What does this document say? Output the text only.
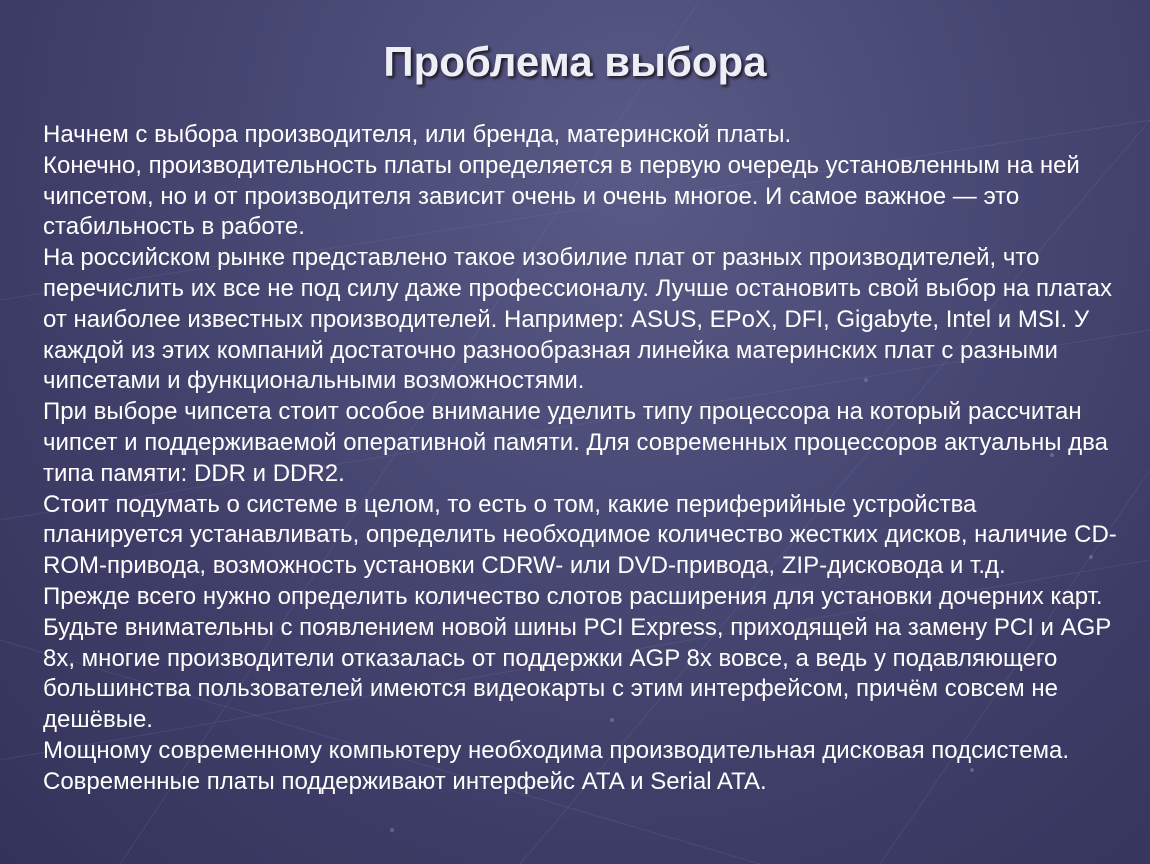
Проблема выбора

Начнем с выбора производителя, или бренда, материнской платы.

Конечно, производительность платы определяется в первую очередь установленным на ней чипсетом, но и от производителя зависит очень и очень многое. И самое важное — это стабильность в работе.

На российском рынке представлено такое изобилие плат от разных производителей, что перечислить их все не под силу даже профессионалу. Лучше остановить свой выбор на платах от наиболее известных производителей. Например: ASUS, EPoX, DFI, Gigabyte, Intel и MSI. У каждой из этих компаний достаточно разнообразная линейка материнских плат с разными чипсетами и функциональными возможностями.

При выборе чипсета стоит особое внимание уделить типу процессора на который рассчитан чипсет и поддерживаемой оперативной памяти. Для современных процессоров актуальны два типа памяти: DDR и DDR2.

Стоит подумать о системе в целом, то есть о том, какие периферийные устройства планируется устанавливать, определить необходимое количество жестких дисков, наличие CD-ROM-привода, возможность установки CDRW- или DVD-привода, ZIP-дисковода и т.д.

Прежде всего нужно определить количество слотов расширения для установки дочерних карт. Будьте внимательны с появлением новой шины PCI Express, приходящей на замену PCI и AGP 8x, многие производители отказалась от поддержки AGP 8x вовсе, а ведь у подавляющего большинства пользователей имеются видеокарты с этим интерфейсом, причём совсем не дешёвые.

Мощному современному компьютеру необходима производительная дисковая подсистема. Современные платы поддерживают интерфейс ATA и Serial ATA.
